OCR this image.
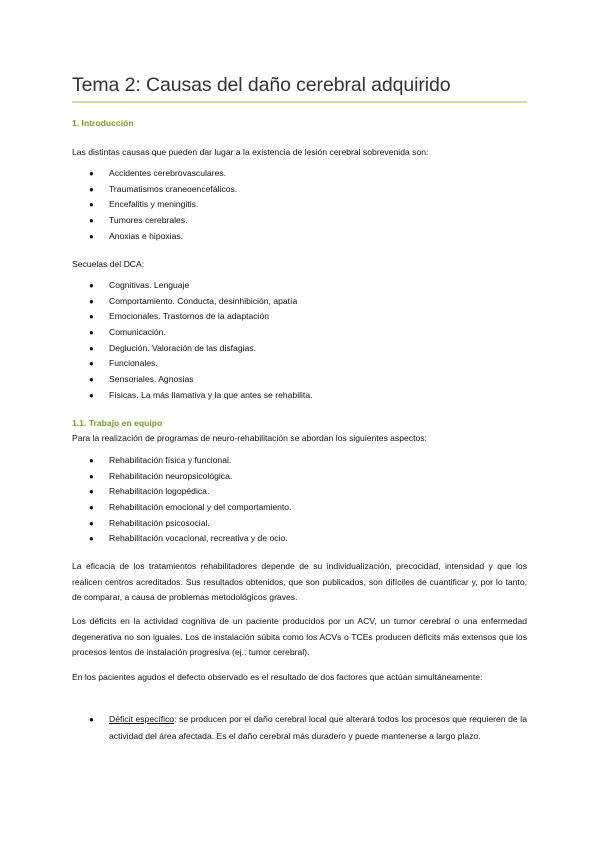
Tema 2: Causas del daño cerebral adquirido
1. Introducción

Las distintas causas que pueden dar lugar a la existencia de lesión cerebral sobrevenida son:

● Accidentes cerebrovasculares.
● Traumatismos craneoencefálicos.
● Encefalitis y meningitis.
● Tumores cerebrales.
● Anoxias e hipoxias.

Secuelas del DCA:

● Cognitivas. Lenguaje
● Comportamiento. Conducta, desinhibición, apatía
● Emocionales. Trastornos de la adaptación
● Comunicación.
● Deglución. Valoración de las disfagias.
● Funcionales.
● Sensoriales. Agnosias
● Físicas. La más llamativa y la que antes se rehabilita.
1.1. Trabajo en equipo

Para la realización de programas de neuro-rehabilitación se abordan los siguientes aspectos:

● Rehabilitación física y funcional.
● Rehabilitación neuropsicológica.
● Rehabilitación logopédica.
● Rehabilitación emocional y del comportamiento.
● Rehabilitación psicosocial.
● Rehabilitación vocacional, recreativa y de ocio.

La eficacia de los tratamientos rehabilitadores depende de su individualización, precocidad, intensidad y que los realicen centros acreditados. Sus resultados obtenidos, que son publicados, son difíciles de cuantificar y, por lo tanto, de comparar, a causa de problemas metodológicos graves.

Los déficits en la actividad cognitiva de un paciente producidos por un ACV, un tumor cerebral o una enfermedad degenerativa no son iguales. Los de instalación súbita como los ACVs o TCEs producen déficits más extensos que los procesos lentos de instalación progresiva (ej.: tumor cerebral).

En los pacientes agudos el defecto observado es el resultado de dos factores que actúan simultáneamente:

● Déficit específico: se producen por el daño cerebral local que alterará todos los procesos que requieren de la actividad del área afectada. Es el daño cerebral más duradero y puede mantenerse a largo plazo.
